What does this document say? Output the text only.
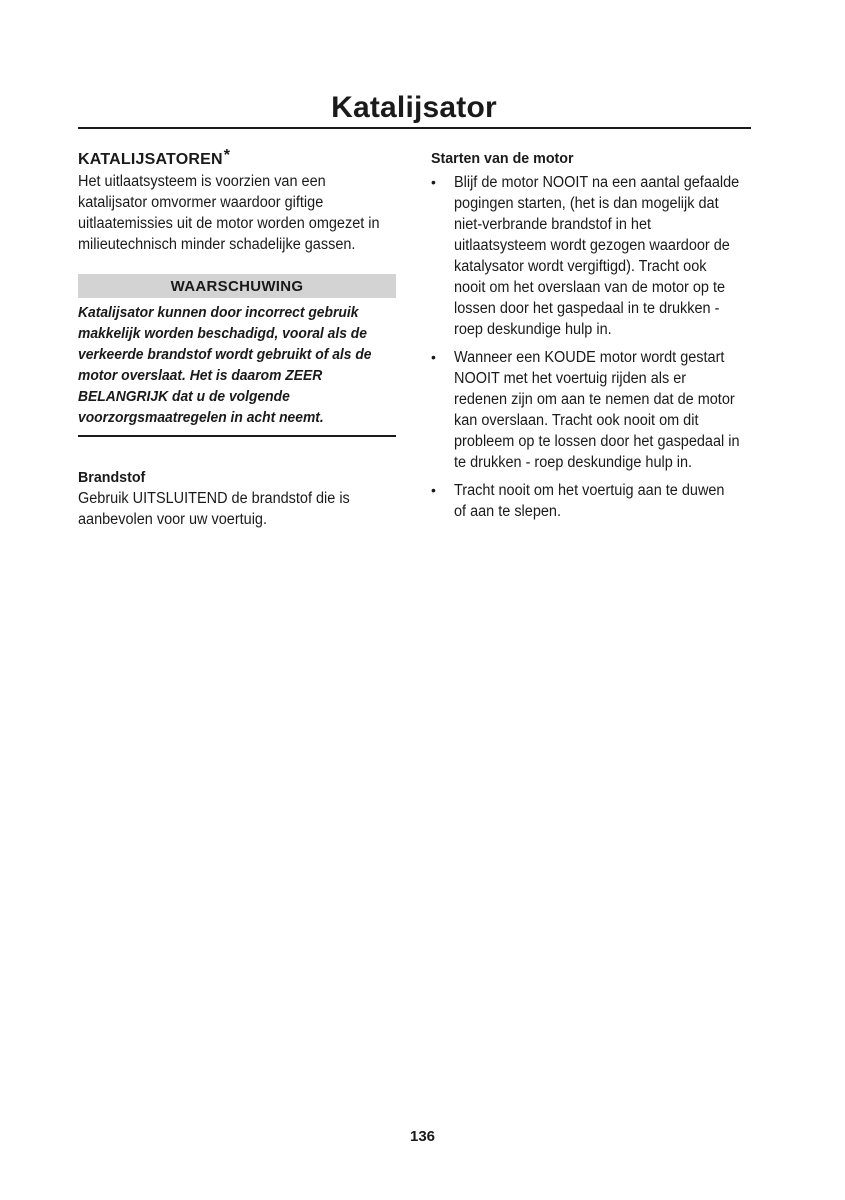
Katalijsator
KATALIJSATOREN*

Het uitlaatsysteem is voorzien van een
katalijsator omvormer waardoor giftige
uitlaatemissies uit de motor worden omgezet in
milieutechnisch minder schadelijke gassen.

WAARSCHUWING

Katalijsator kunnen door incorrect gebruik
makkelijk worden beschadigd, vooral als de
verkeerde brandstof wordt gebruikt of als de
motor overslaat. Het is daarom ZEER
BELANGRIJK dat u de volgende
voorzorgsmaatregelen in acht neemt.

Brandstof

Gebruik UITSLUITEND de brandstof die is
aanbevolen voor uw voertuig.

Starten van de motor
• Blijf de motor NOOIT na een aantal gefaalde
pogingen starten, (het is dan mogelijk dat
niet-verbrande brandstof in het
uitlaatsysteem wordt gezogen waardoor de
katalysator wordt vergiftigd). Tracht ook
nooit om het overslaan van de motor op te
lossen door het gaspedaal in te drukken -
roep deskundige hulp in.
• Wanneer een KOUDE motor wordt gestart
NOOIT met het voertuig rijden als er
redenen zijn om aan te nemen dat de motor
kan overslaan. Tracht ook nooit om dit
probleem op te lossen door het gaspedaal in
te drukken - roep deskundige hulp in.
• Tracht nooit om het voertuig aan te duwen
of aan te slepen.
136
